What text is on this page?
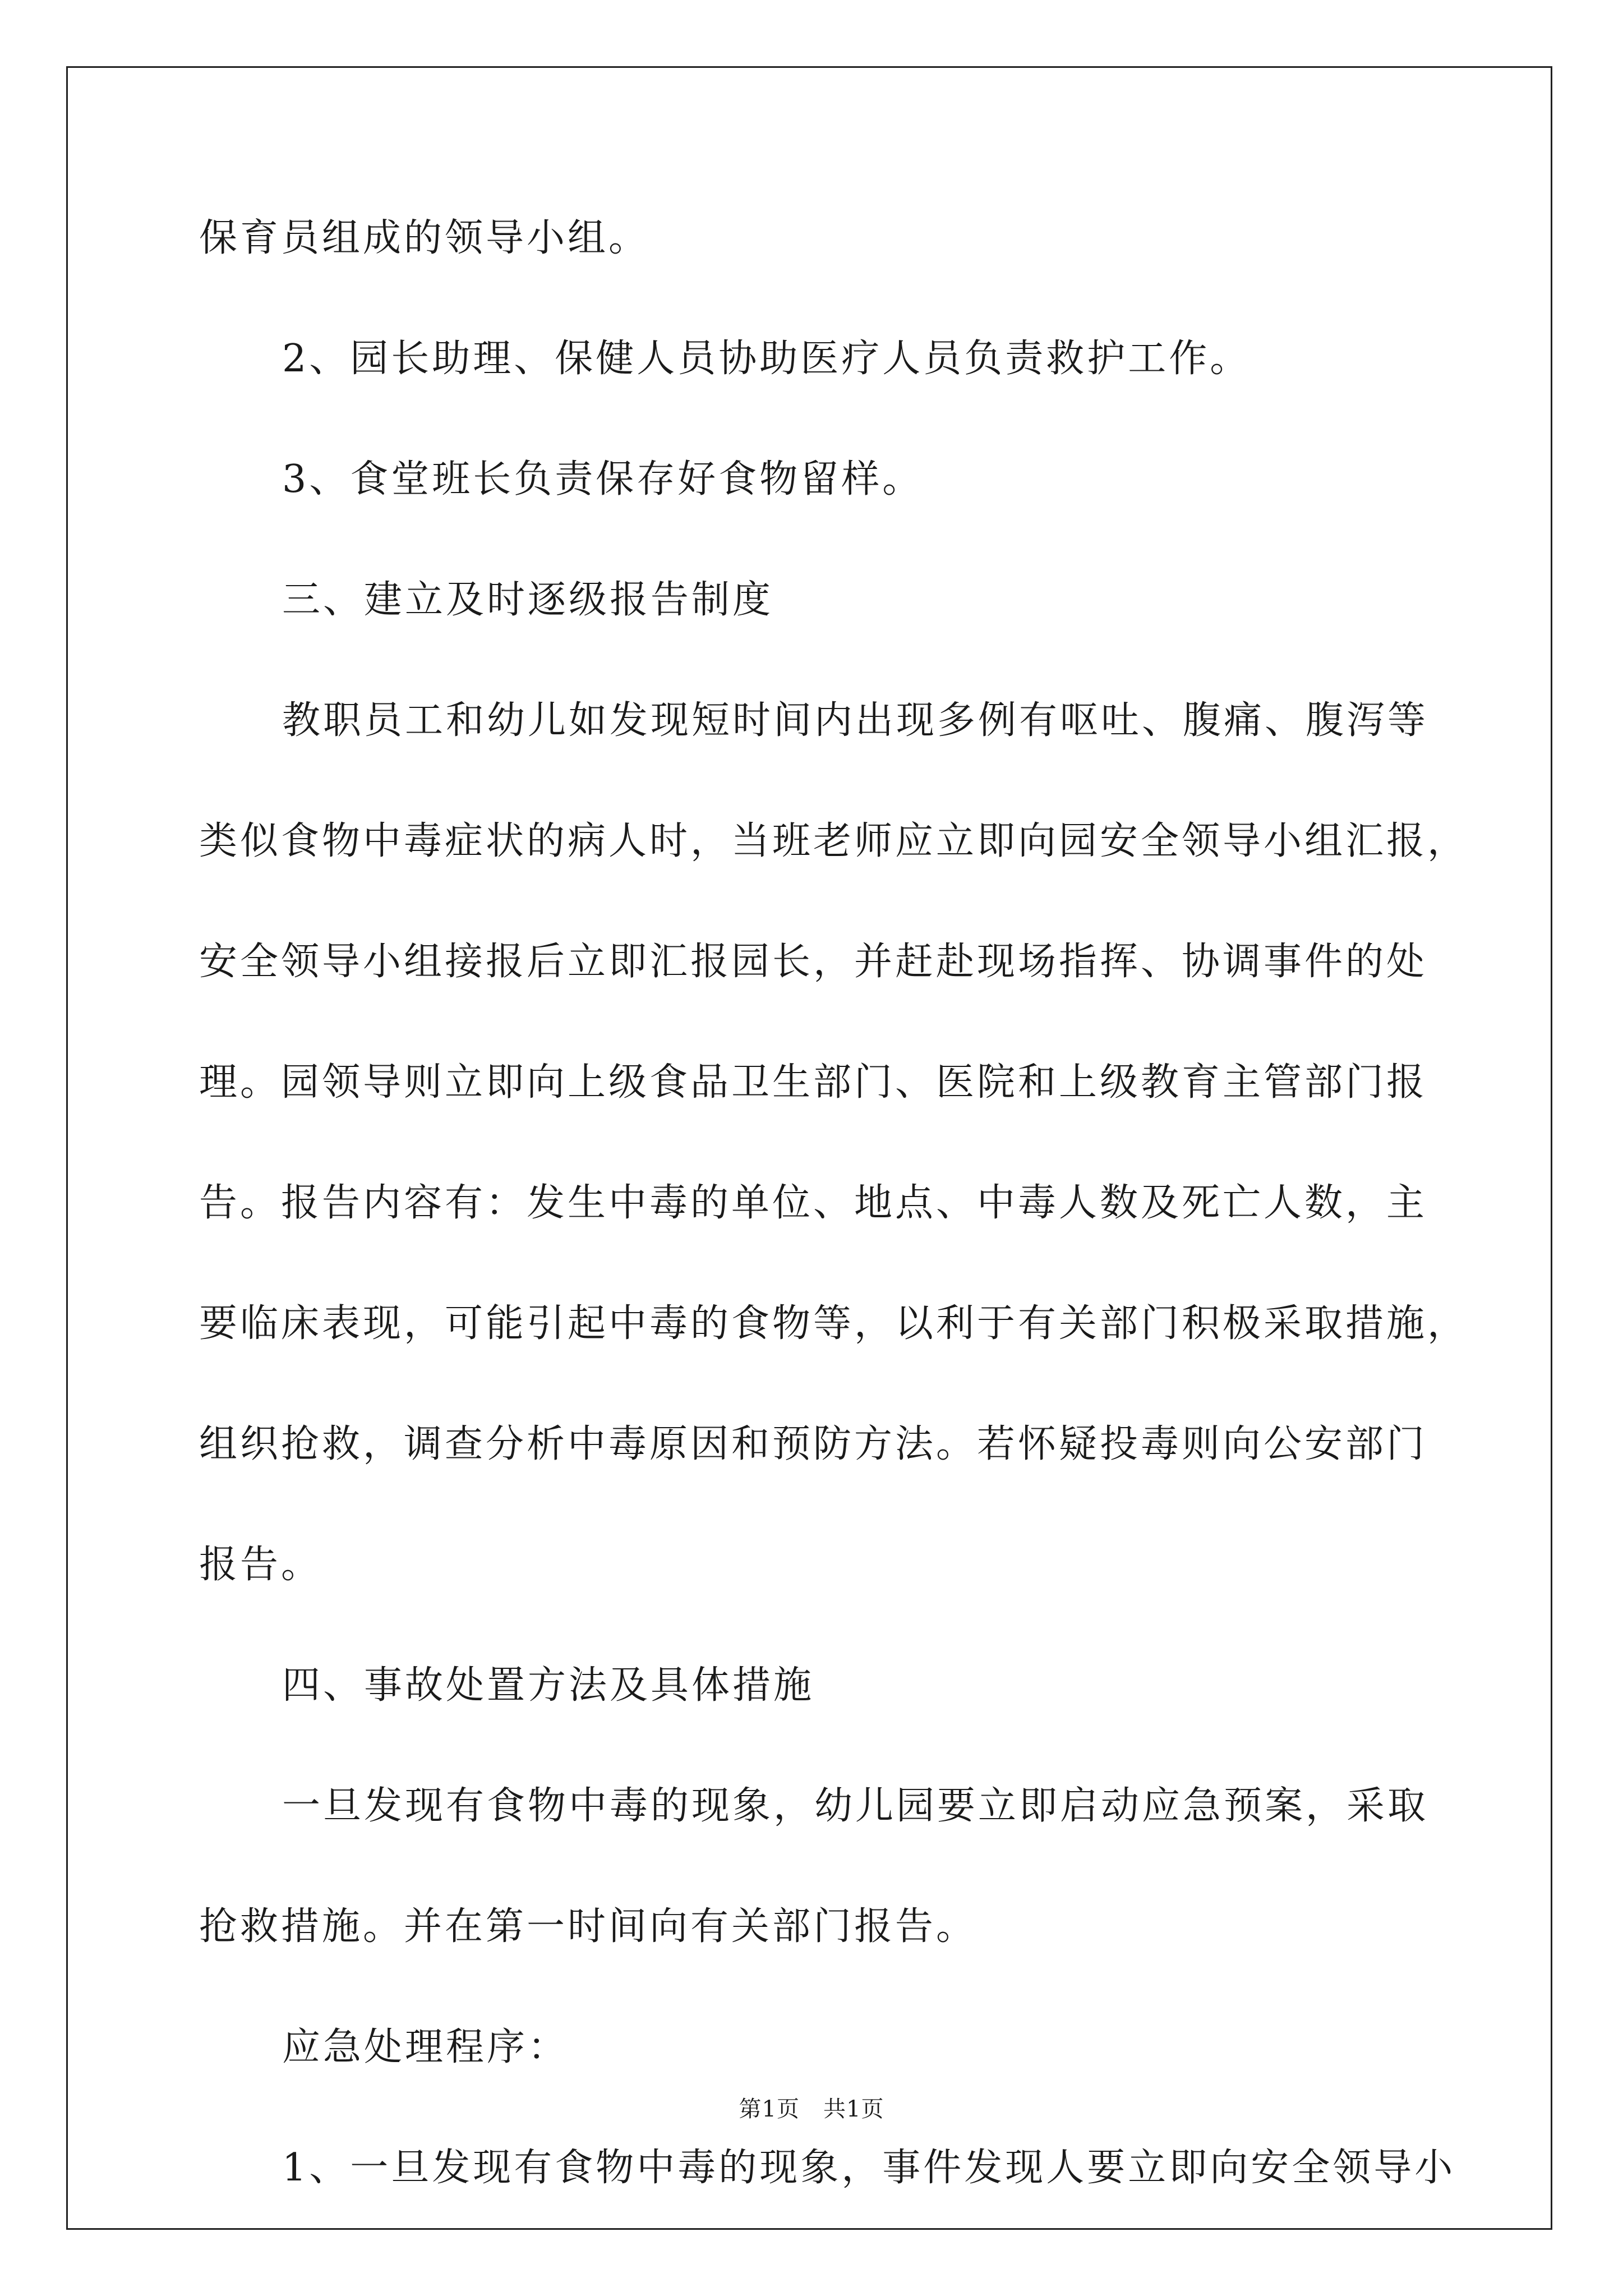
保育员组成的领导小组。
2、园长助理、保健人员协助医疗人员负责救护工作。
3、食堂班长负责保存好食物留样。
三、建立及时逐级报告制度
教职员工和幼儿如发现短时间内出现多例有呕吐、腹痛、腹泻等
类似食物中毒症状的病人时，当班老师应立即向园安全领导小组汇报，
安全领导小组接报后立即汇报园长，并赶赴现场指挥、协调事件的处
理。园领导则立即向上级食品卫生部门、医院和上级教育主管部门报
告。报告内容有：发生中毒的单位、地点、中毒人数及死亡人数，主
要临床表现，可能引起中毒的食物等，以利于有关部门积极采取措施，
组织抢救，调查分析中毒原因和预防方法。若怀疑投毒则向公安部门
报告。
四、事故处置方法及具体措施
一旦发现有食物中毒的现象，幼儿园要立即启动应急预案，采取
抢救措施。并在第一时间向有关部门报告。
应急处理程序：
1、一旦发现有食物中毒的现象，事件发现人要立即向安全领导小
第1页 共1页
